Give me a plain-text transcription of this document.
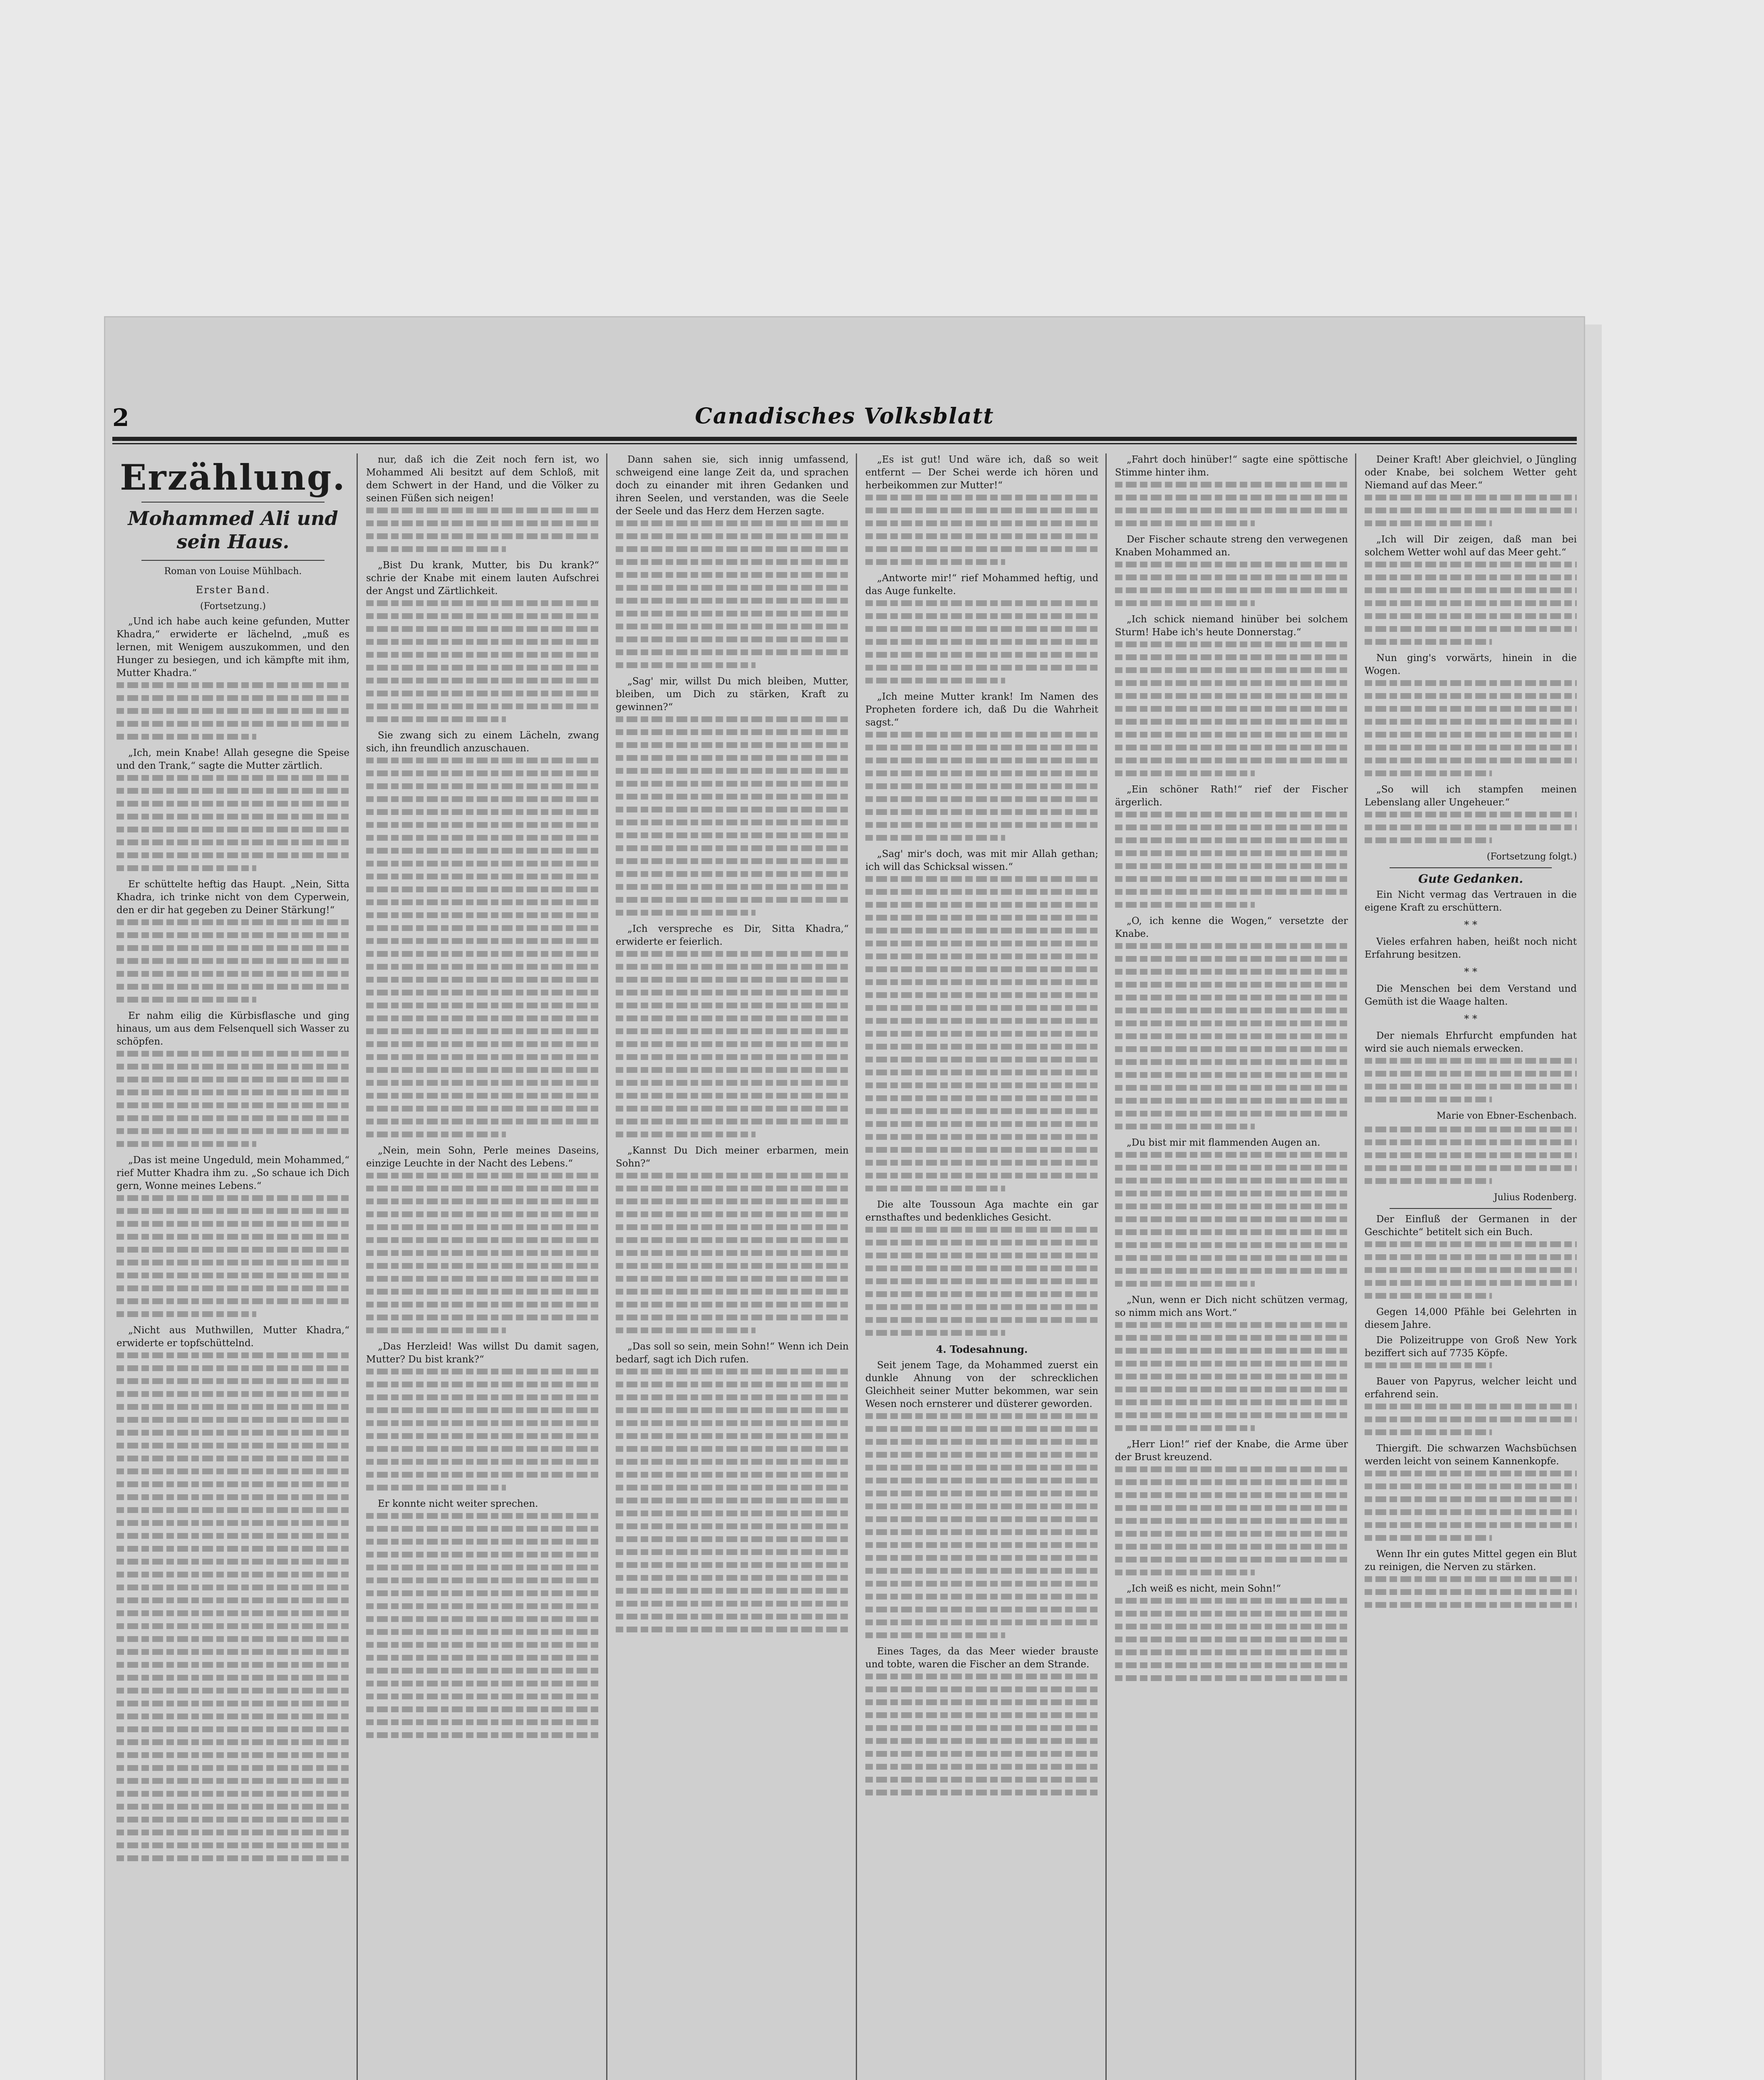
2	Canadisches Volksblatt
Erzählung.
Mohammed Ali und sein Haus.
Roman von Louise Mühlbach.
Erster Band.
(Fortsetzung.)

„Und ich habe auch keine gefunden, Mutter Khadra,“ erwiderte er lächelnd, „muß es lernen, mit Wenigem auszukommen, und den Hunger zu besiegen, und ich kämpfte mit ihm, Mutter Khadra.“

„Ich, mein Knabe! Allah gesegne die Speise und den Trank,“ sagte die Mutter zärtlich.

Er schüttelte heftig das Haupt. „Nein, Sitta Khadra, ich trinke nicht von dem Cyperwein, den er dir hat gegeben zu Deiner Stärkung!“

Er nahm eilig die Kürbisflasche und ging hinaus, um aus dem Felsenquell sich Wasser zu schöpfen.

„Das ist meine Ungeduld, mein Mohammed,“ rief Mutter Khadra ihm zu. „So schaue ich Dich gern, Wonne meines Lebens.“

„Nicht aus Muthwillen, Mutter Khadra,“ erwiderte er topfschüttelnd.

nur, daß ich die Zeit noch fern ist, wo Mohammed Ali besitzt auf dem Schloß, mit dem Schwert in der Hand, und die Völker zu seinen Füßen sich neigen!

„Bist Du krank, Mutter, bis Du krank?“ schrie der Knabe mit einem lauten Aufschrei der Angst und Zärtlichkeit.

Sie zwang sich zu einem Lächeln, zwang sich, ihn freundlich anzuschauen.

„Nein, mein Sohn, Perle meines Daseins, einzige Leuchte in der Nacht des Lebens.“

„Das Herzleid! Was willst Du damit sagen, Mutter? Du bist krank?“

Er konnte nicht weiter sprechen.

Dann sahen sie, sich innig umfassend, schweigend eine lange Zeit da, und sprachen doch zu einander mit ihren Gedanken und ihren Seelen, und verstanden, was die Seele der Seele und das Herz dem Herzen sagte.

„Sag' mir, willst Du mich bleiben, Mutter, bleiben, um Dich zu stärken, Kraft zu gewinnen?“

„Ich verspreche es Dir, Sitta Khadra,“ erwiderte er feierlich.

„Kannst Du Dich meiner erbarmen, mein Sohn?“

„Das soll so sein, mein Sohn!“ Wenn ich Dein bedarf, sagt ich Dich rufen.

„Es ist gut! Und wäre ich, daß so weit entfernt — Der Schei werde ich hören und herbeikommen zur Mutter!“

„Antworte mir!“ rief Mohammed heftig, und das Auge funkelte.

„Ich meine Mutter krank! Im Namen des Propheten fordere ich, daß Du die Wahrheit sagst.“

„Sag' mir's doch, was mit mir Allah gethan; ich will das Schicksal wissen.“

Die alte Toussoun Aga machte ein gar ernsthaftes und bedenkliches Gesicht.

4. Todesahnung.

Seit jenem Tage, da Mohammed zuerst ein dunkle Ahnung von der schrecklichen Gleichheit seiner Mutter bekommen, war sein Wesen noch ernsterer und düsterer geworden.

Eines Tages, da das Meer wieder brauste und tobte, waren die Fischer an dem Strande.

„Fahrt doch hinüber!“ sagte eine spöttische Stimme hinter ihm.

Der Fischer schaute streng den verwegenen Knaben Mohammed an.

„Ich schick niemand hinüber bei solchem Sturm! Habe ich's heute Donnerstag.“

„Ein schöner Rath!“ rief der Fischer ärgerlich.

„O, ich kenne die Wogen,“ versetzte der Knabe.

„Du bist mir mit flammenden Augen an.

„Nun, wenn er Dich nicht schützen vermag, so nimm mich ans Wort.“

„Herr Lion!“ rief der Knabe, die Arme über der Brust kreuzend.

„Ich weiß es nicht, mein Sohn!“

Deiner Kraft! Aber gleichviel, o Jüngling oder Knabe, bei solchem Wetter geht Niemand auf das Meer.“

„Ich will Dir zeigen, daß man bei solchem Wetter wohl auf das Meer geht.“

Nun ging's vorwärts, hinein in die Wogen.

„So will ich stampfen meinen Lebenslang aller Ungeheuer.“

(Fortsetzung folgt.)
Gute Gedanken.

Ein Nicht vermag das Vertrauen in die eigene Kraft zu erschüttern.

* *

Vieles erfahren haben, heißt noch nicht Erfahrung besitzen.

* *

Die Menschen bei dem Verstand und Gemüth ist die Waage halten.

* *

Der niemals Ehrfurcht empfunden hat wird sie auch niemals erwecken.

Marie von Ebner-Eschenbach.
Julius Rodenberg.

Der Einfluß der Germanen in der Geschichte“ betitelt sich ein Buch.

Gegen 14,000 Pfähle bei Gelehrten in diesem Jahre.

Die Polizeitruppe von Groß New York beziffert sich auf 7735 Köpfe.

Bauer von Papyrus, welcher leicht und erfahrend sein.

Thiergift. Die schwarzen Wachsbüchsen werden leicht von seinem Kannenkopfe.

Wenn Ihr ein gutes Mittel gegen ein Blut zu reinigen, die Nerven zu stärken.
